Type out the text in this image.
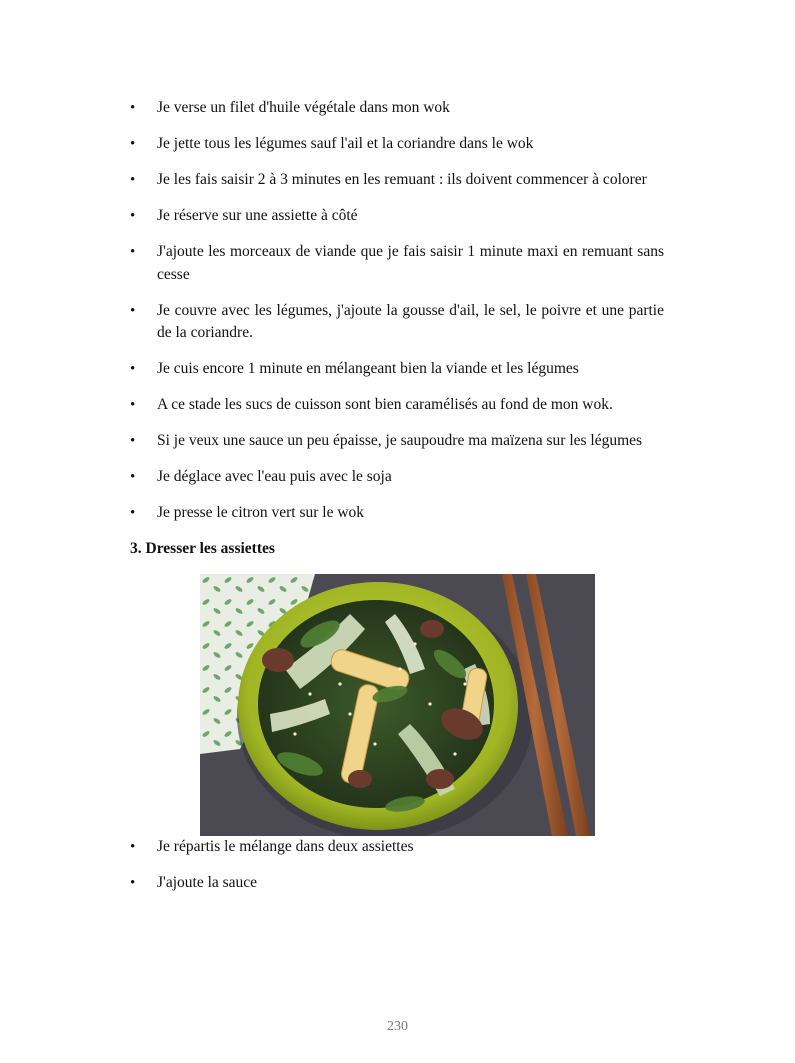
• Je verse un filet d'huile végétale dans mon wok
• Je jette tous les légumes sauf l'ail et la coriandre dans le wok
• Je les fais saisir 2 à 3 minutes en les remuant : ils doivent commencer à colorer
• Je réserve sur une assiette à côté
• J'ajoute les morceaux de viande que je fais saisir 1 minute maxi en remuant sans cesse
• Je couvre avec les légumes, j'ajoute la gousse d'ail, le sel, le poivre et une partie de la coriandre.
• Je cuis encore 1 minute en mélangeant bien la viande et les légumes
• A ce stade les sucs de cuisson sont bien caramélisés au fond de mon wok.
• Si je veux une sauce un peu épaisse, je saupoudre ma maïzena sur les légumes
• Je déglace avec l'eau puis avec le soja
• Je presse le citron vert sur le wok
3. Dresser les assiettes
• Je répartis le mélange dans deux assiettes
• J'ajoute la sauce
230
